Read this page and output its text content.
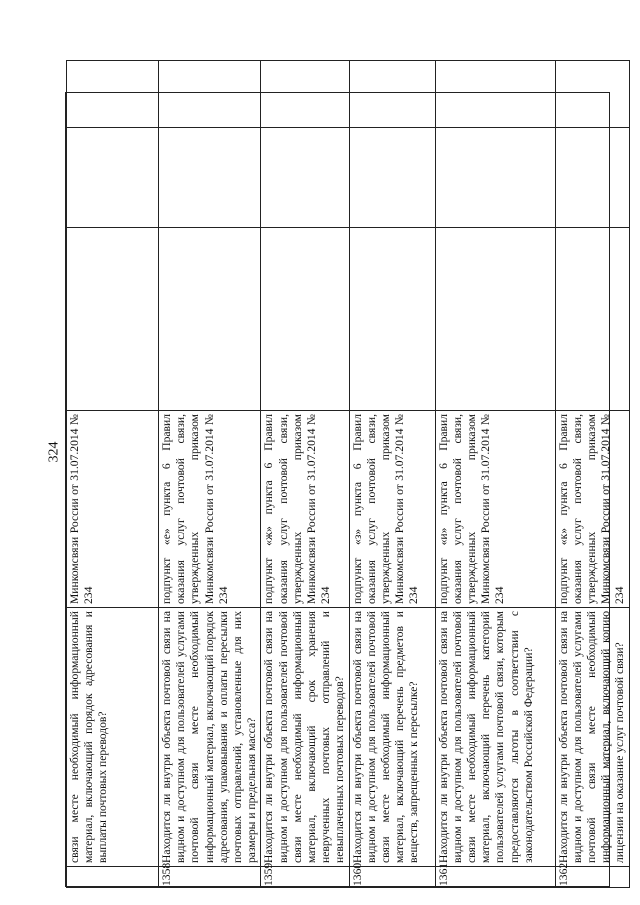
324
	связи месте необходимый информационный материал, включающий порядок адресования и выплаты почтовых переводов?	Минкомсвязи России от 31.07.2014 № 234			
1358.	Находится ли внутри объекта почтовой связи на видном и доступном для пользователей услугами почтовой связи месте необходимый информационный материал, включающий порядок адресования, упаковывания и оплаты пересылки почтовых отправлений, установленные для них размеры и предельная масса?	подпункт «е» пункта 6 Правил оказания услуг почтовой связи, утвержденных приказом Минкомсвязи России от 31.07.2014 № 234			
1359.	Находится ли внутри объекта почтовой связи на видном и доступном для пользователей почтовой связи месте необходимый информационный материал, включающий срок хранения неврученных почтовых отправлений и невыплаченных почтовых переводов?	подпункт «ж» пункта 6 Правил оказания услуг почтовой связи, утвержденных приказом Минкомсвязи России от 31.07.2014 № 234			
1360.	Находится ли внутри объекта почтовой связи на видном и доступном для пользователей почтовой связи месте необходимый информационный материал, включающий перечень предметов и веществ, запрещенных к пересылке?	подпункт «з» пункта 6 Правил оказания услуг почтовой связи, утвержденных приказом Минкомсвязи России от 31.07.2014 № 234			
1361.	Находится ли внутри объекта почтовой связи на видном и доступном для пользователей почтовой связи месте необходимый информационный материал, включающий перечень категорий пользователей услугами почтовой связи, которым предоставляются льготы в соответствии с законодательством Российской Федерации?	подпункт «и» пункта 6 Правил оказания услуг почтовой связи, утвержденных приказом Минкомсвязи России от 31.07.2014 № 234			
1362.	Находится ли внутри объекта почтовой связи на видном и доступном для пользователей услугами почтовой связи месте необходимый информационный материал, включающий копию лицензии на оказание услуг почтовой связи?	подпункт «к» пункта 6 Правил оказания услуг почтовой связи, утвержденных приказом Минкомсвязи России от 31.07.2014 № 234			
